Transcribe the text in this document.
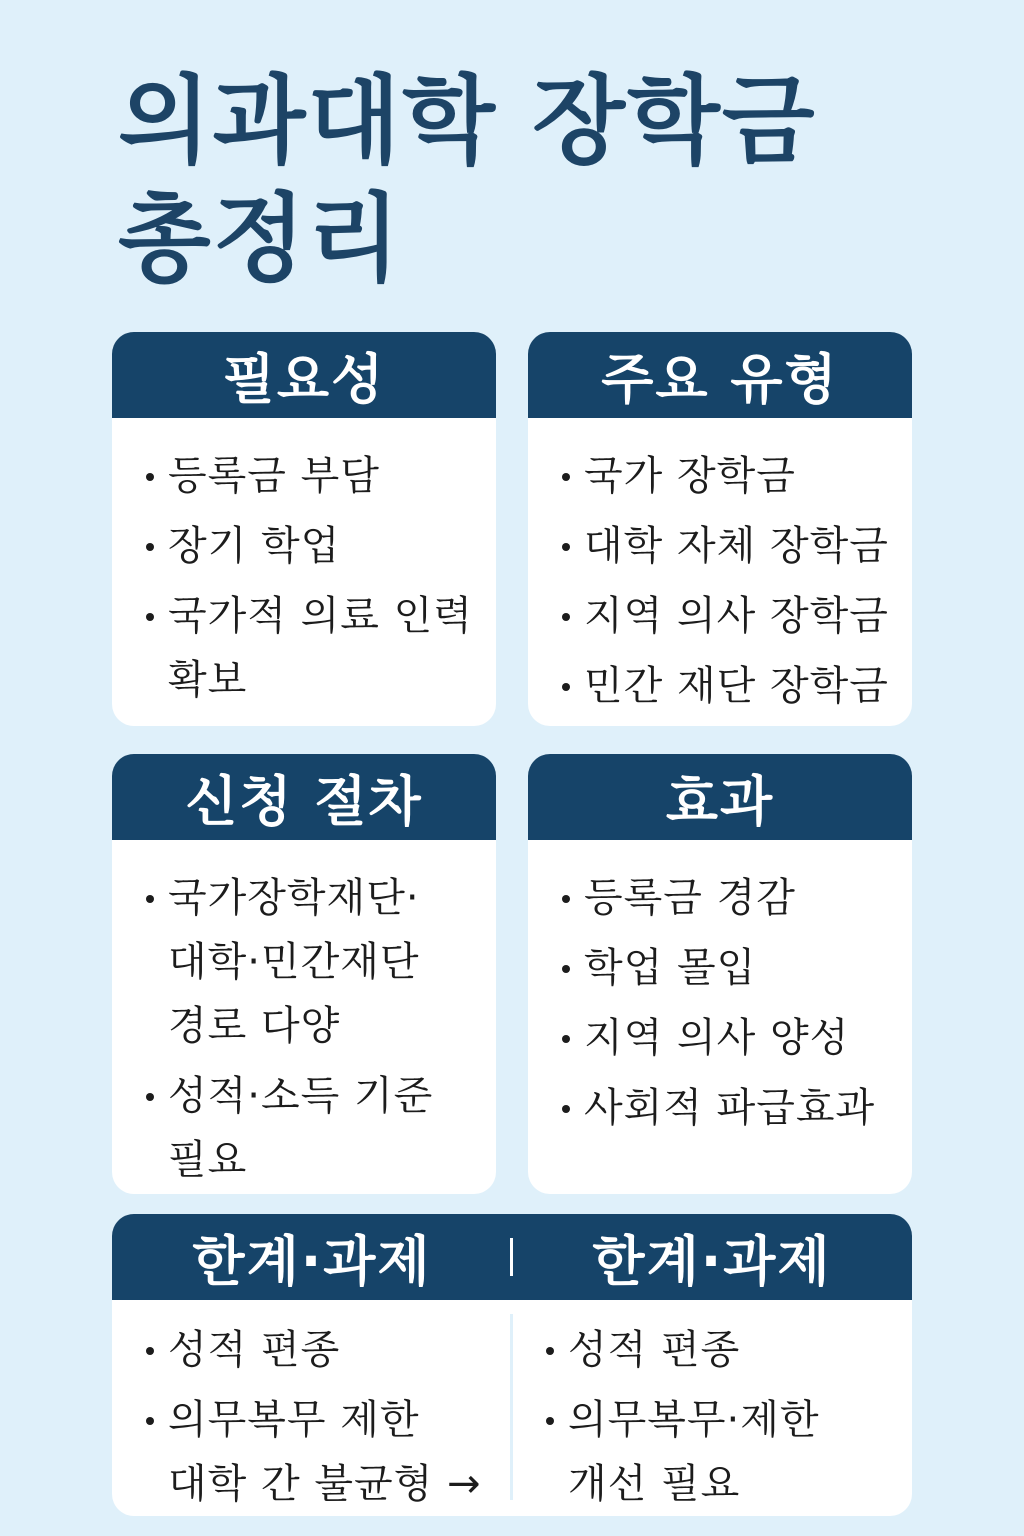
의과대학 장학금
총정리
필요성
등록금 부담
장기 학업
국가적 의료 인력
확보
주요 유형
국가 장학금
대학 자체 장학금
지역 의사 장학금
민간 재단 장학금
신청 절차
국가장학재단·
대학·민간재단
경로 다양
성적·소득 기준
필요
효과
등록금 경감
학업 몰입
지역 의사 양성
사회적 파급효과
한계·과제	한계·과제
성적 편종
의무복무 제한
대학 간 불균형 →
성적 편종
의무복무·제한
개선 필요
